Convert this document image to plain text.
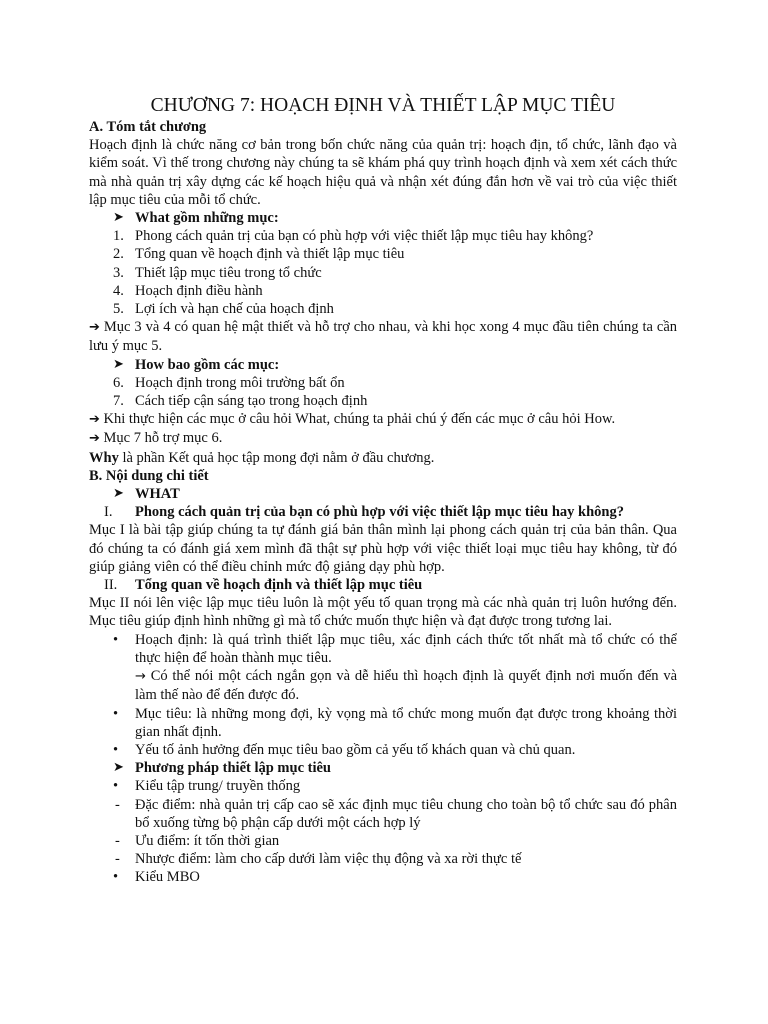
CHƯƠNG 7: HOẠCH ĐỊNH VÀ THIẾT LẬP MỤC TIÊU

A. Tóm tắt chương

Hoạch định là chức năng cơ bản trong bốn chức năng của quản trị: hoạch địn, tổ chức, lãnh đạo và kiểm soát. Vì thế trong chương này chúng ta sẽ khám phá quy trình hoạch định và xem xét cách thức mà nhà quản trị xây dựng các kế hoạch hiệu quả và nhận xét đúng đắn hơn về vai trò của việc thiết lập mục tiêu của mỗi tổ chức.

➤ What gồm những mục:
1. Phong cách quản trị của bạn có phù hợp với việc thiết lập mục tiêu hay không?
2. Tổng quan về hoạch định và thiết lập mục tiêu
3. Thiết lập mục tiêu trong tổ chức
4. Hoạch định điều hành
5. Lợi ích và hạn chế của hoạch định

➔ Mục 3 và 4 có quan hệ mật thiết và hỗ trợ cho nhau, và khi học xong 4 mục đầu tiên chúng ta cần lưu ý mục 5.

➤ How bao gồm các mục:
6. Hoạch định trong môi trường bất ổn
7. Cách tiếp cận sáng tạo trong hoạch định

➔ Khi thực hiện các mục ở câu hỏi What, chúng ta phải chú ý đến các mục ở câu hỏi How.

➔ Mục 7 hỗ trợ mục 6.

Why là phần Kết quả học tập mong đợi nằm ở đầu chương.

B. Nội dung chi tiết

➤ WHAT
I.	Phong cách quản trị của bạn có phù hợp với việc thiết lập mục tiêu hay không?

Mục I là bài tập giúp chúng ta tự đánh giá bản thân mình lại phong cách quản trị của bản thân. Qua đó chúng ta có đánh giá xem mình đã thật sự phù hợp với việc thiết loại mục tiêu hay không, từ đó giúp giảng viên có thể điều chỉnh mức độ giảng dạy phù hợp.

II.	Tổng quan về hoạch định và thiết lập mục tiêu

Mục II nói lên việc lập mục tiêu luôn là một yếu tố quan trọng mà các nhà quản trị luôn hướng đến. Mục tiêu giúp định hình những gì mà tổ chức muốn thực hiện và đạt được trong tương lai.

•	Hoạch định: là quá trình thiết lập mục tiêu, xác định cách thức tốt nhất mà tổ chức có thể thực hiện để hoàn thành mục tiêu.

→ Có thể nói một cách ngắn gọn và dễ hiểu thì hoạch định là quyết định nơi muốn đến và làm thế nào để đến được đó.

•	Mục tiêu: là những mong đợi, kỳ vọng mà tổ chức mong muốn đạt được trong khoảng thời gian nhất định.
•	Yếu tố ảnh hưởng đến mục tiêu bao gồm cả yếu tố khách quan và chủ quan.
➤ Phương pháp thiết lập mục tiêu
•	Kiểu tập trung/ truyền thống
-	Đặc điểm: nhà quản trị cấp cao sẽ xác định mục tiêu chung cho toàn bộ tổ chức sau đó phân bổ xuống từng bộ phận cấp dưới một cách hợp lý
-	Ưu điểm: ít tốn thời gian
-	Nhược điểm: làm cho cấp dưới làm việc thụ động và xa rời thực tế
•	Kiểu MBO
